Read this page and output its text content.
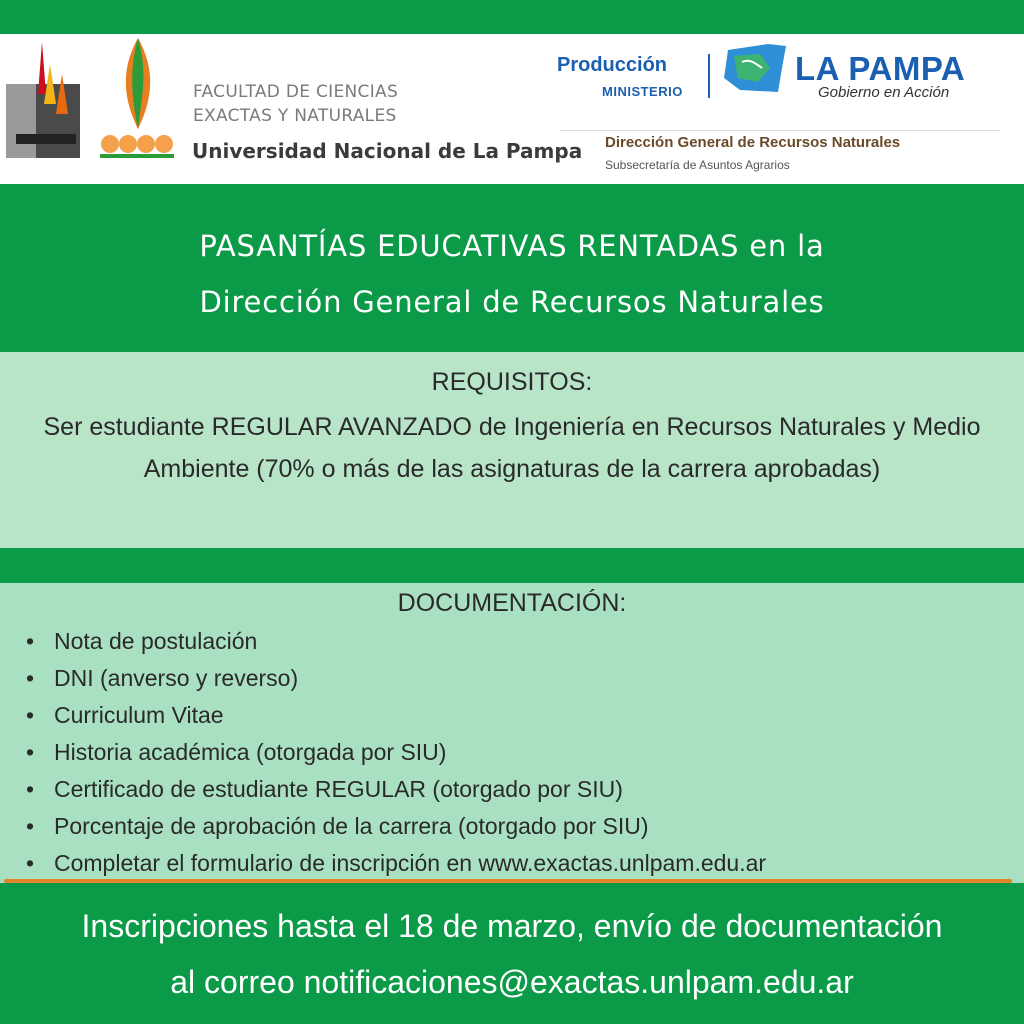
FACULTAD DE CIENCIAS
EXACTAS Y NATURALES
Universidad Nacional de La Pampa
Producción
MINISTERIO
LA PAMPA
Gobierno en Acción
Dirección General de Recursos Naturales
Subsecretaría de Asuntos Agrarios
PASANTÍAS EDUCATIVAS RENTADAS en la
Dirección General de Recursos Naturales
REQUISITOS:
Ser estudiante REGULAR AVANZADO de Ingeniería en Recursos Naturales y Medio Ambiente (70% o más de las asignaturas de la carrera aprobadas)
DOCUMENTACIÓN:
• Nota de postulación
• DNI (anverso y reverso)
• Curriculum Vitae
• Historia académica (otorgada por SIU)
• Certificado de estudiante REGULAR (otorgado por SIU)
• Porcentaje de aprobación de la carrera (otorgado por SIU)
• Completar el formulario de inscripción en www.exactas.unlpam.edu.ar
Inscripciones hasta el 18 de marzo, envío de documentación
al correo notificaciones@exactas.unlpam.edu.ar
